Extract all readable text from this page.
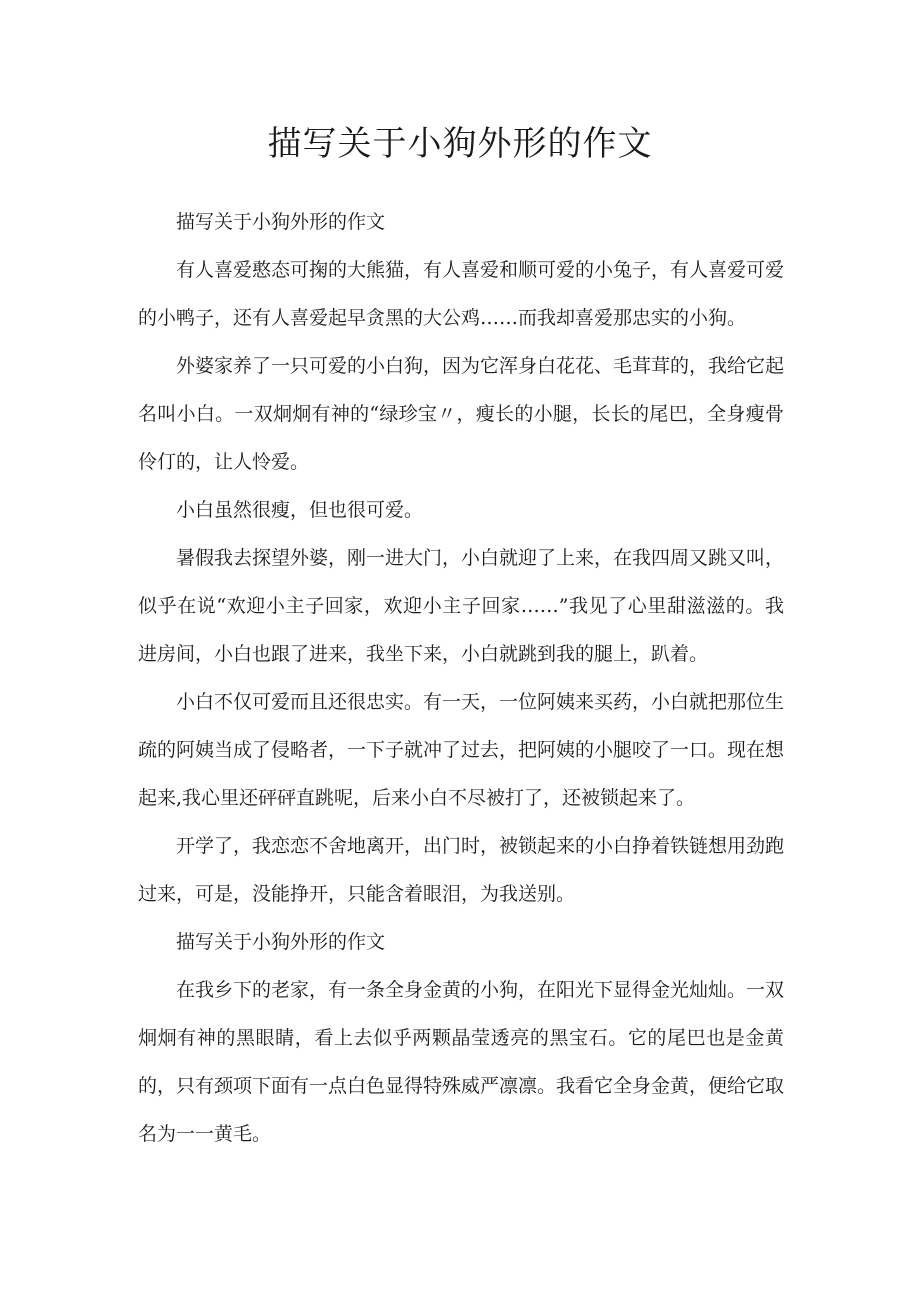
描写关于小狗外形的作文

描写关于小狗外形的作文

有人喜爱憨态可掬的大熊猫，有人喜爱和顺可爱的小兔子，有人喜爱可爱的小鸭子，还有人喜爱起早贪黑的大公鸡……而我却喜爱那忠实的小狗。

外婆家养了一只可爱的小白狗，因为它浑身白花花、毛茸茸的，我给它起名叫小白。一双炯炯有神的“绿珍宝〃，瘦长的小腿，长长的尾巴，全身瘦骨伶仃的，让人怜爱。

小白虽然很瘦，但也很可爱。

暑假我去探望外婆，刚一进大门，小白就迎了上来，在我四周又跳又叫，似乎在说“欢迎小主子回家，欢迎小主子回家……”我见了心里甜滋滋的。我进房间，小白也跟了进来，我坐下来，小白就跳到我的腿上，趴着。

小白不仅可爱而且还很忠实。有一天，一位阿姨来买药，小白就把那位生疏的阿姨当成了侵略者，一下子就冲了过去，把阿姨的小腿咬了一口。现在想起来,我心里还砰砰直跳呢，后来小白不尽被打了，还被锁起来了。

开学了，我恋恋不舍地离开，出门时，被锁起来的小白挣着铁链想用劲跑过来，可是，没能挣开，只能含着眼泪，为我送别。

描写关于小狗外形的作文

在我乡下的老家，有一条全身金黄的小狗，在阳光下显得金光灿灿。一双炯炯有神的黑眼睛，看上去似乎两颗晶莹透亮的黑宝石。它的尾巴也是金黄的，只有颈项下面有一点白色显得特殊威严凛凛。我看它全身金黄，便给它取名为一一黄毛。
